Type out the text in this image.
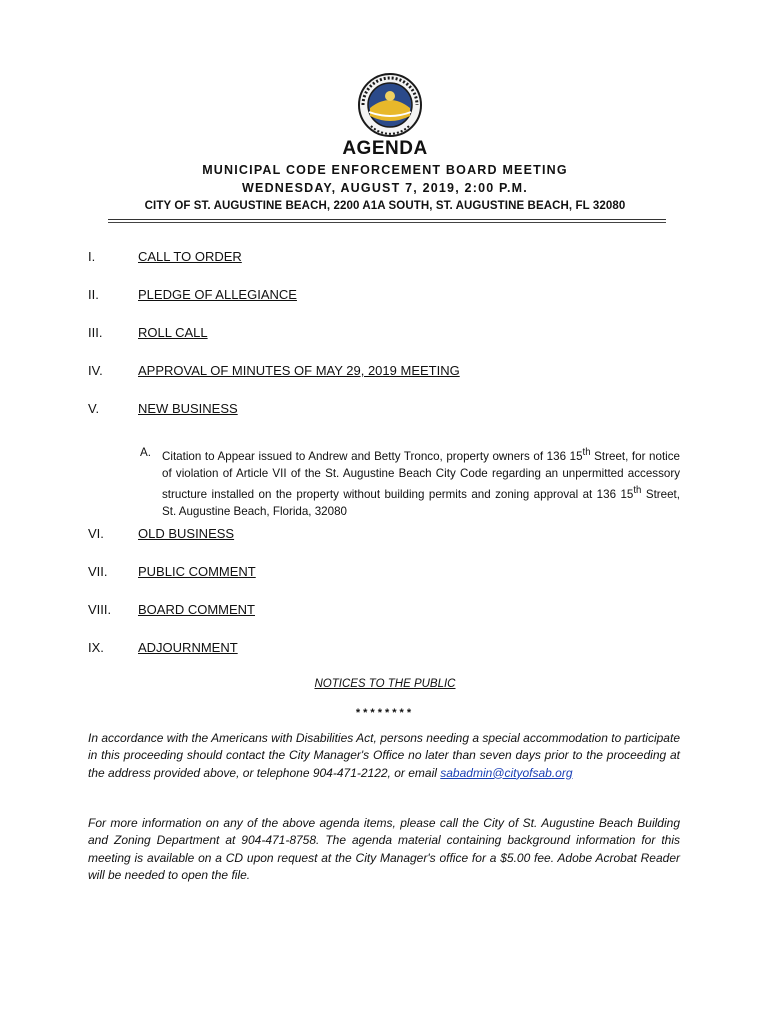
AGENDA
MUNICIPAL CODE ENFORCEMENT BOARD MEETING
WEDNESDAY, AUGUST 7, 2019, 2:00 P.M.
CITY OF ST. AUGUSTINE BEACH, 2200 A1A SOUTH, ST. AUGUSTINE BEACH, FL 32080
I.	CALL TO ORDER
II.	PLEDGE OF ALLEGIANCE
III.	ROLL CALL
IV.	APPROVAL OF MINUTES OF MAY 29, 2019 MEETING
V.	NEW BUSINESS
A. Citation to Appear issued to Andrew and Betty Tronco, property owners of 136 15th Street, for notice of violation of Article VII of the St. Augustine Beach City Code regarding an unpermitted accessory structure installed on the property without building permits and zoning approval at 136 15th Street, St. Augustine Beach, Florida, 32080
VI.	OLD BUSINESS
VII. PUBLIC COMMENT
VIII. BOARD COMMENT
IX.	ADJOURNMENT
NOTICES TO THE PUBLIC
********
In accordance with the Americans with Disabilities Act, persons needing a special accommodation to participate in this proceeding should contact the City Manager's Office no later than seven days prior to the proceeding at the address provided above, or telephone 904-471-2122, or email sabadmin@cityofsab.org
For more information on any of the above agenda items, please call the City of St. Augustine Beach Building and Zoning Department at 904-471-8758. The agenda material containing background information for this meeting is available on a CD upon request at the City Manager's office for a $5.00 fee. Adobe Acrobat Reader will be needed to open the file.
